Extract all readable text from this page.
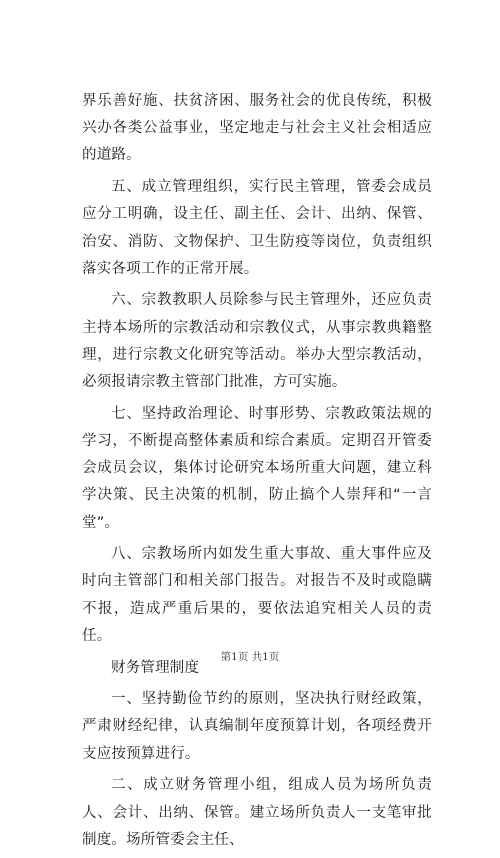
界乐善好施、扶贫济困、服务社会的优良传统，积极兴办各类公益事业，坚定地走与社会主义社会相适应的道路。

五、成立管理组织，实行民主管理，管委会成员应分工明确，设主任、副主任、会计、出纳、保管、治安、消防、文物保护、卫生防疫等岗位，负责组织落实各项工作的正常开展。

六、宗教教职人员除参与民主管理外，还应负责主持本场所的宗教活动和宗教仪式，从事宗教典籍整理，进行宗教文化研究等活动。举办大型宗教活动，必须报请宗教主管部门批准，方可实施。

七、坚持政治理论、时事形势、宗教政策法规的学习，不断提高整体素质和综合素质。定期召开管委会成员会议，集体讨论研究本场所重大问题，建立科学决策、民主决策的机制，防止搞个人崇拜和“一言堂”。

八、宗教场所内如发生重大事故、重大事件应及时向主管部门和相关部门报告。对报告不及时或隐瞒不报，造成严重后果的，要依法追究相关人员的责任。

财务管理制度

一、坚持勤俭节约的原则，坚决执行财经政策，严肃财经纪律，认真编制年度预算计划，各项经费开支应按预算进行。

二、成立财务管理小组，组成人员为场所负责人、会计、出纳、保管。建立场所负责人一支笔审批制度。场所管委会主任、

第1页 共1页
